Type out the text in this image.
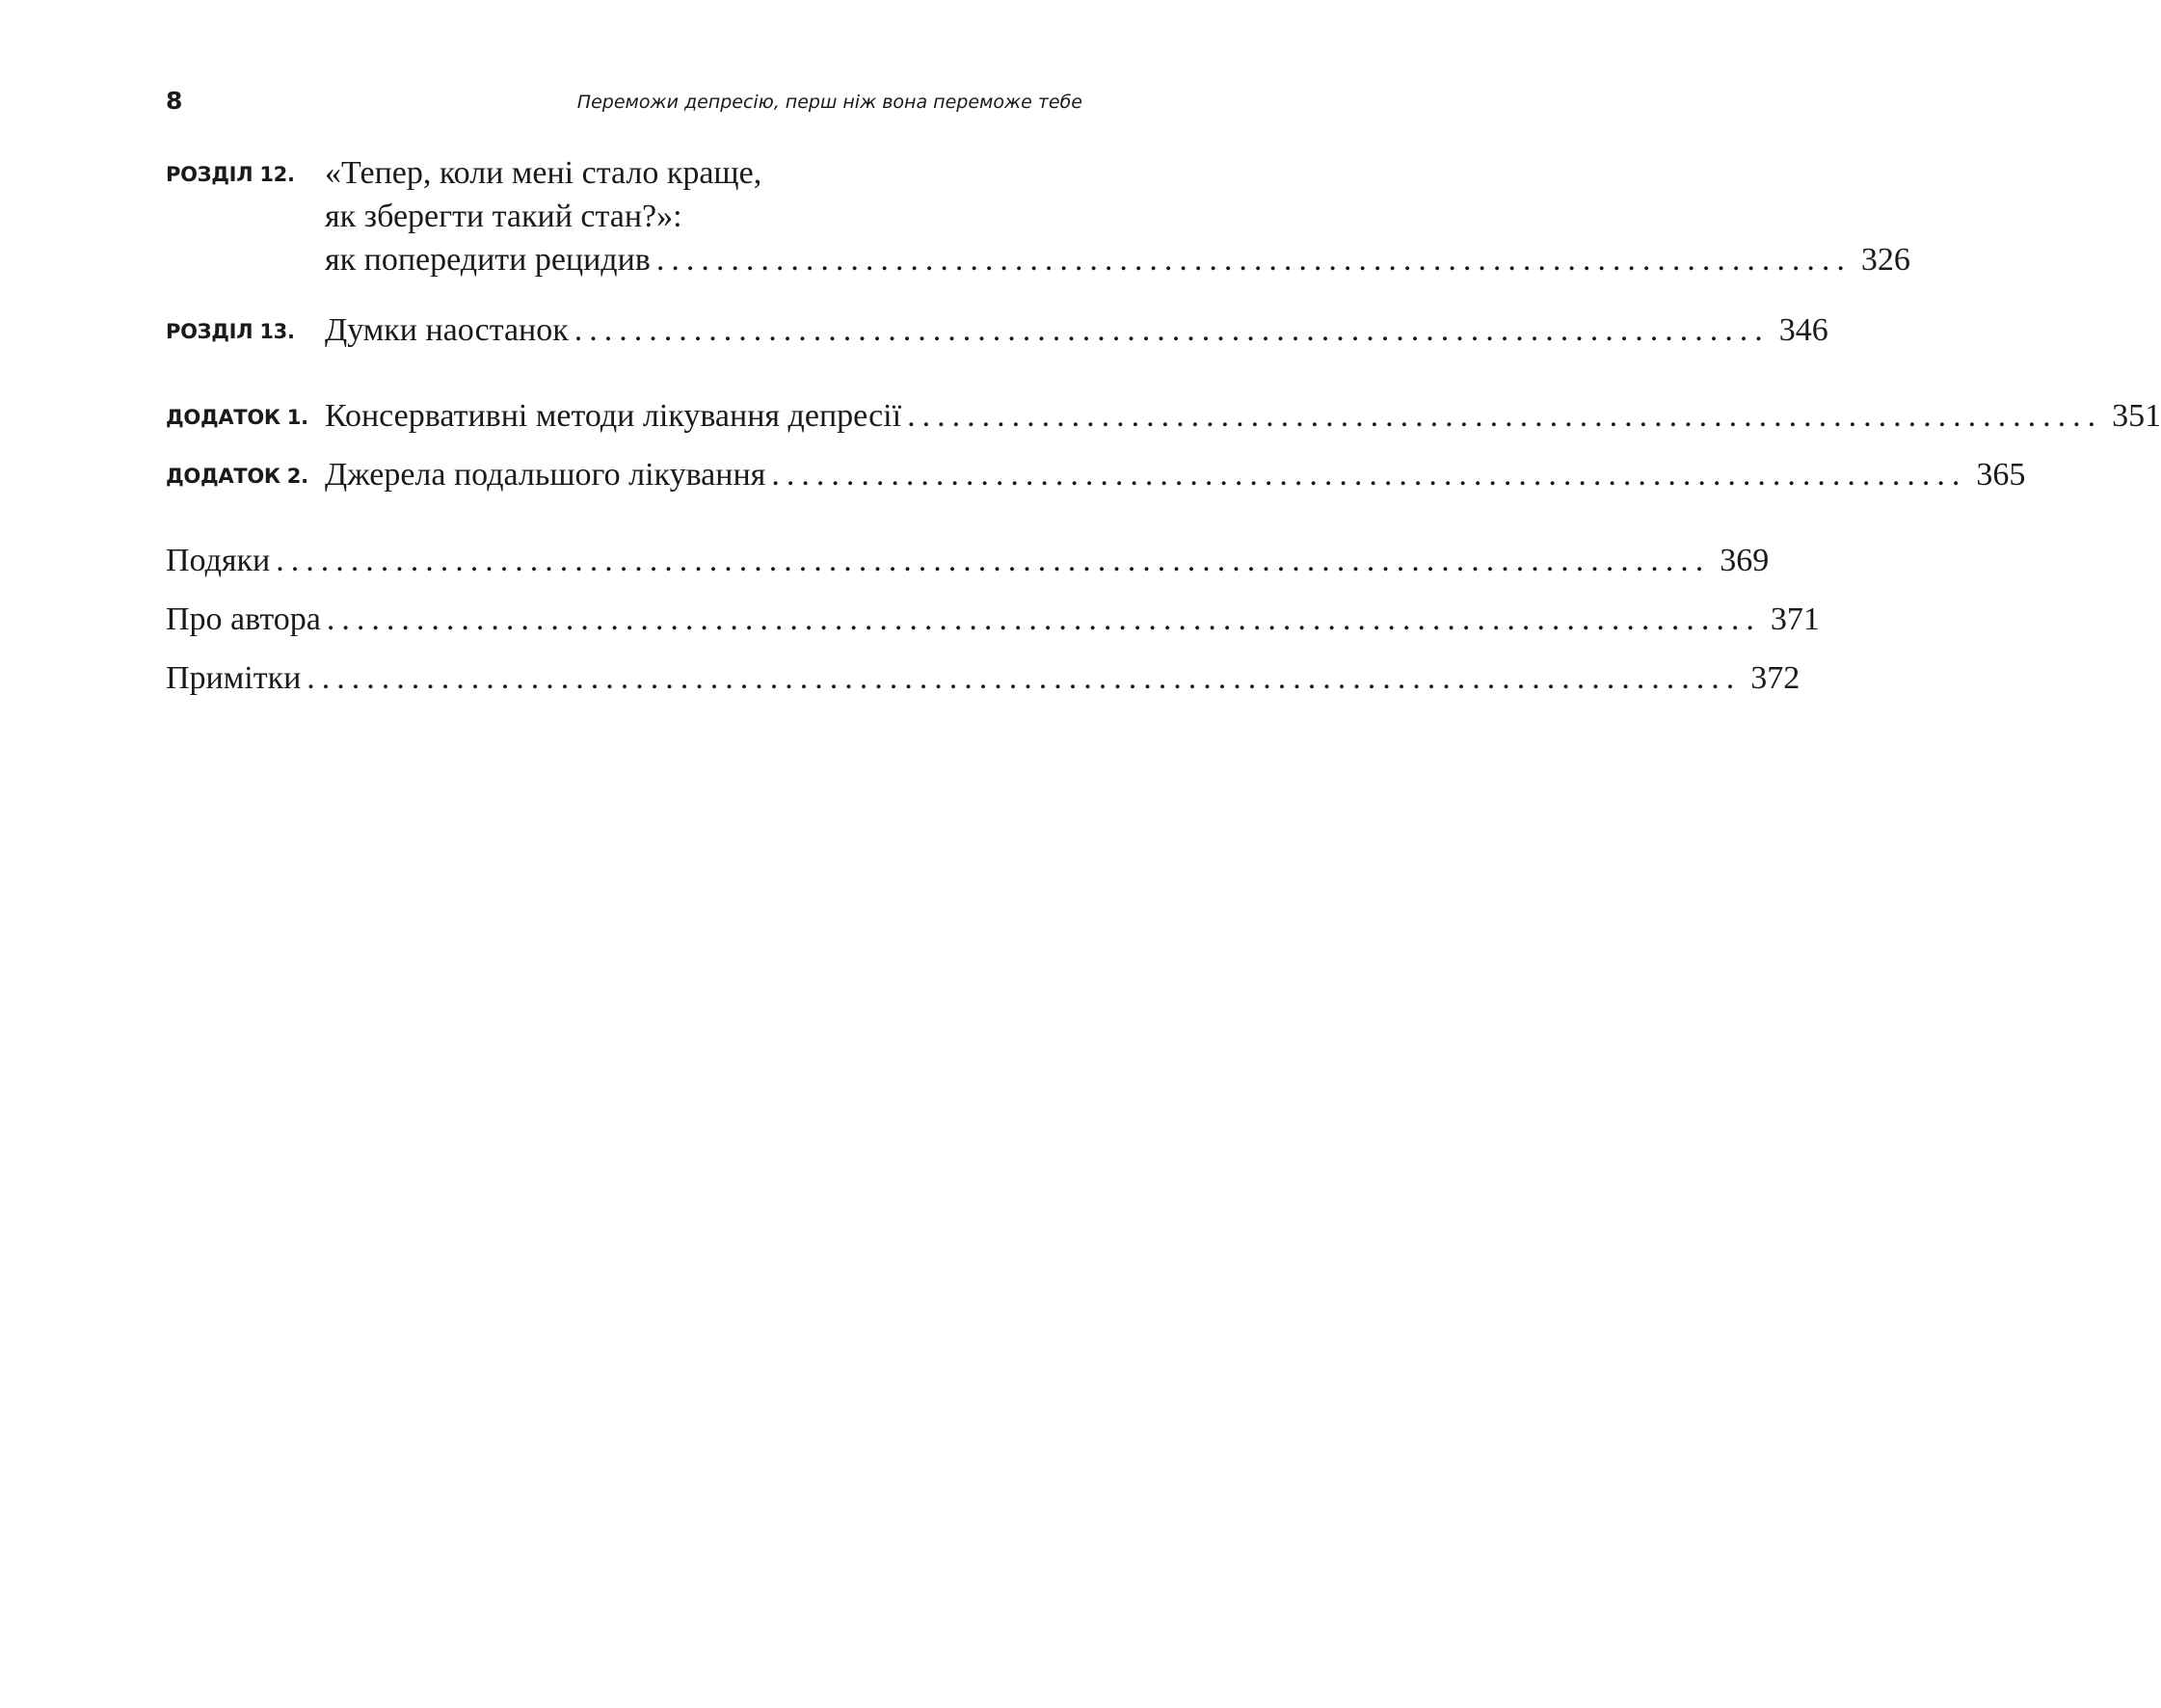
8	Переможи депресію, перш ніж вона переможе тебе
РОЗДІЛ 12. «Тепер, коли мені стало краще,
як зберегти такий стан?»:
як попередити рецидив ................................................................................ 326
РОЗДІЛ 13. Думки наостанок ................................................................................ 346
ДОДАТОК 1. Консервативні методи лікування депресії ................................................................................ 351
ДОДАТОК 2. Джерела подальшого лікування ................................................................................ 365
Подяки ................................................................................................ 369
Про автора ................................................................................................ 371
Примітки ................................................................................................ 372
